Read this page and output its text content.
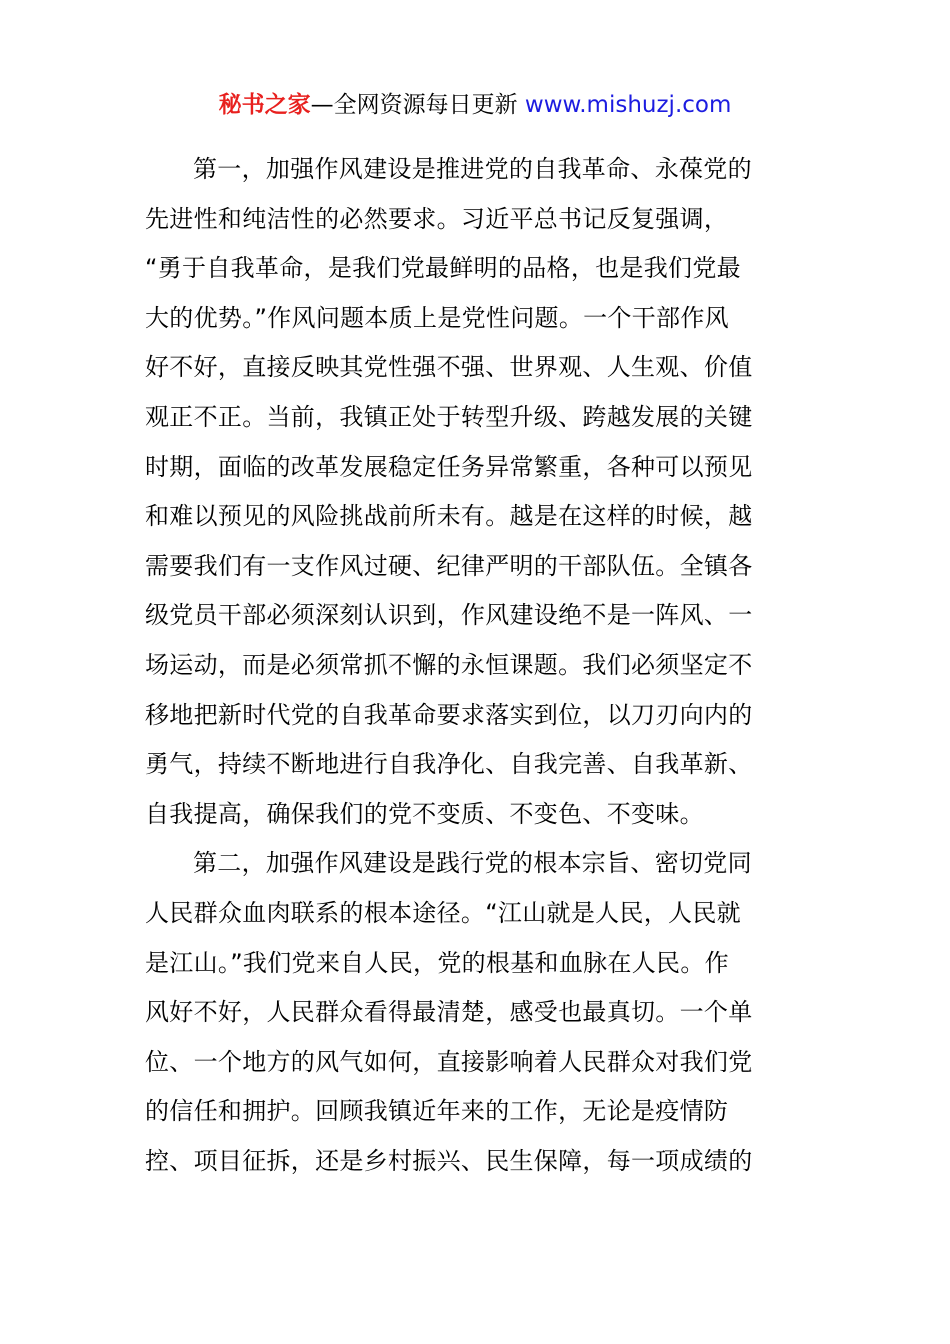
秘书之家—全网资源每日更新 www.mishuzj.com

第一，加强作风建设是推进党的自我革命、永葆党的
先进性和纯洁性的必然要求。习近平总书记反复强调，
“勇于自我革命，是我们党最鲜明的品格，也是我们党最
大的优势。”作风问题本质上是党性问题。一个干部作风
好不好，直接反映其党性强不强、世界观、人生观、价值
观正不正。当前，我镇正处于转型升级、跨越发展的关键
时期，面临的改革发展稳定任务异常繁重，各种可以预见
和难以预见的风险挑战前所未有。越是在这样的时候，越
需要我们有一支作风过硬、纪律严明的干部队伍。全镇各
级党员干部必须深刻认识到，作风建设绝不是一阵风、一
场运动，而是必须常抓不懈的永恒课题。我们必须坚定不
移地把新时代党的自我革命要求落实到位，以刀刃向内的
勇气，持续不断地进行自我净化、自我完善、自我革新、
自我提高，确保我们的党不变质、不变色、不变味。

第二，加强作风建设是践行党的根本宗旨、密切党同
人民群众血肉联系的根本途径。“江山就是人民，人民就
是江山。”我们党来自人民，党的根基和血脉在人民。作
风好不好，人民群众看得最清楚，感受也最真切。一个单
位、一个地方的风气如何，直接影响着人民群众对我们党
的信任和拥护。回顾我镇近年来的工作，无论是疫情防
控、项目征拆，还是乡村振兴、民生保障，每一项成绩的
